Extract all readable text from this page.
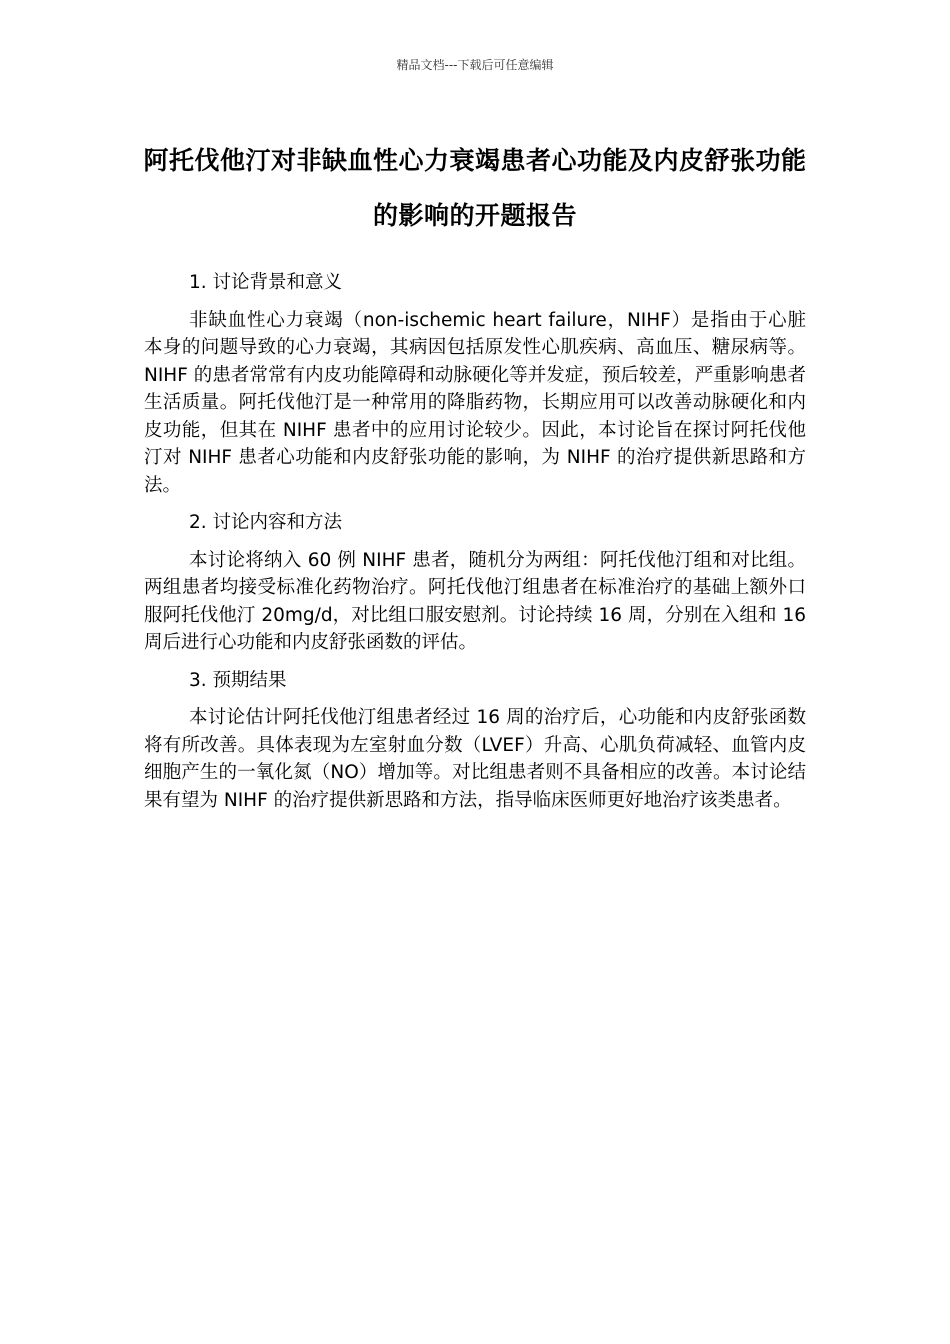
精品文档---下载后可任意编辑
阿托伐他汀对非缺血性心力衰竭患者心功能及内皮舒张功能的影响的开题报告

1. 讨论背景和意义

非缺血性心力衰竭（non-ischemic heart failure，NIHF）是指由于心脏本身的问题导致的心力衰竭，其病因包括原发性心肌疾病、高血压、糖尿病等。NIHF 的患者常常有内皮功能障碍和动脉硬化等并发症，预后较差，严重影响患者生活质量。阿托伐他汀是一种常用的降脂药物，长期应用可以改善动脉硬化和内皮功能，但其在 NIHF 患者中的应用讨论较少。因此，本讨论旨在探讨阿托伐他汀对 NIHF 患者心功能和内皮舒张功能的影响，为 NIHF 的治疗提供新思路和方法。

2. 讨论内容和方法

本讨论将纳入 60 例 NIHF 患者，随机分为两组：阿托伐他汀组和对比组。两组患者均接受标准化药物治疗。阿托伐他汀组患者在标准治疗的基础上额外口服阿托伐他汀 20mg/d，对比组口服安慰剂。讨论持续 16 周，分别在入组和 16 周后进行心功能和内皮舒张函数的评估。

3. 预期结果

本讨论估计阿托伐他汀组患者经过 16 周的治疗后，心功能和内皮舒张函数将有所改善。具体表现为左室射血分数（LVEF）升高、心肌负荷减轻、血管内皮细胞产生的一氧化氮（NO）增加等。对比组患者则不具备相应的改善。本讨论结果有望为 NIHF 的治疗提供新思路和方法，指导临床医师更好地治疗该类患者。
